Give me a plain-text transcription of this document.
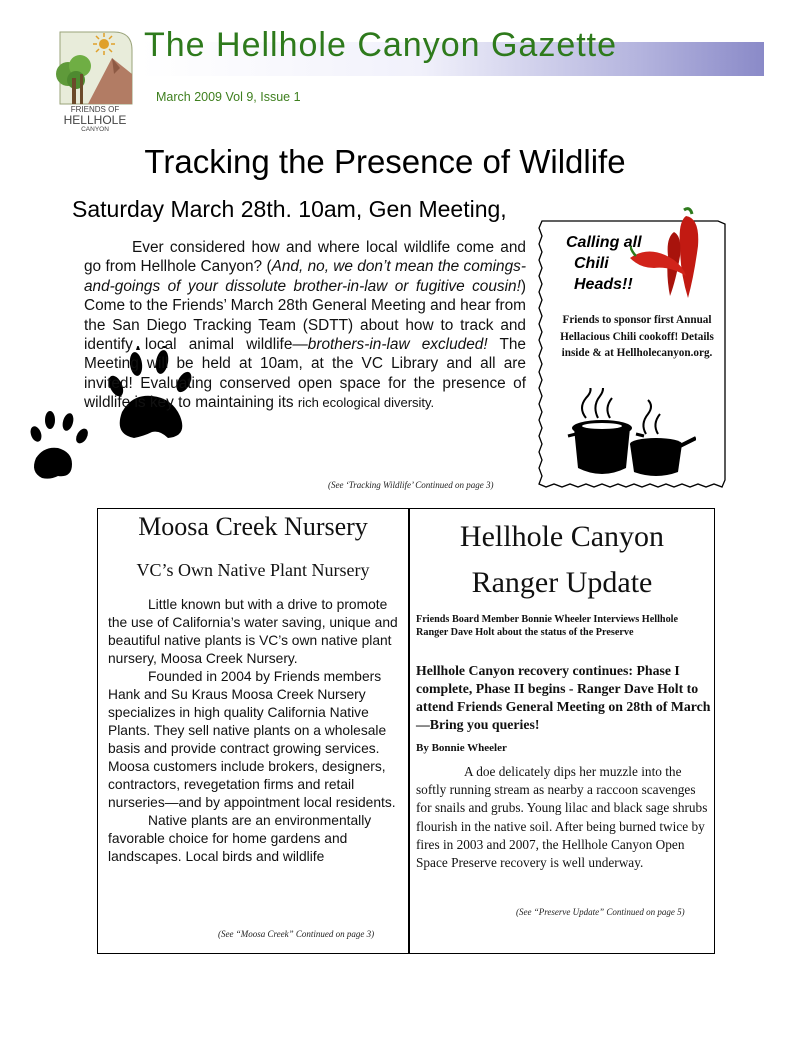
FRIENDS OF
HELLHOLE
CANYON
The Hellhole Canyon Gazette
March 2009 Vol 9, Issue 1
Tracking the Presence of Wildlife
Saturday March 28th. 10am, Gen Meeting,

Ever considered how and where local wildlife come and go from Hellhole Canyon? (And, no, we don’t mean the comings-and-goings of your dissolute brother-in-law or fugitive cousin!) Come to the Friends’ March 28th General Meeting and hear from the San Diego Tracking Team (SDTT) about how to track and identify local animal wildlife—brothers-in-law excluded! The Meeting will be held at 10am, at the VC Library and all are invited! Evaluating conserved open space for the presence of wildlife is key to maintaining its rich ecological diversity.

(See ‘Tracking Wildlife’ Continued on page 3)
Calling all
Chili
Heads!!
Friends to sponsor first Annual Hellacious Chili cookoff! Details inside & at Hellholecanyon.org.
Moosa Creek Nursery
VC’s Own Native Plant Nursery

Little known but with a drive to promote the use of California’s water saving, unique and beautiful native plants is VC’s own native plant nursery, Moosa Creek Nursery.

Founded in 2004 by Friends members Hank and Su Kraus Moosa Creek Nursery specializes in high quality California Native Plants. They sell native plants on a wholesale basis and provide contract growing services. Moosa customers include brokers, designers, contractors, revegetation firms and retail nurseries—and by appointment local residents.

Native plants are an environmentally favorable choice for home gardens and landscapes. Local birds and wildlife

(See “Moosa Creek” Continued on page 3)
Hellhole Canyon
Ranger Update
Friends Board Member Bonnie Wheeler Interviews Hellhole Ranger Dave Holt about the status of the Preserve
Hellhole Canyon recovery continues: Phase I complete, Phase II begins - Ranger Dave Holt to attend Friends General Meeting on 28th of March—Bring you queries!
By Bonnie Wheeler

A doe delicately dips her muzzle into the softly running stream as nearby a raccoon scavenges for snails and grubs. Young lilac and black sage shrubs flourish in the native soil. After being burned twice by fires in 2003 and 2007, the Hellhole Canyon Open Space Preserve recovery is well underway.

(See “Preserve Update” Continued on page 5)
